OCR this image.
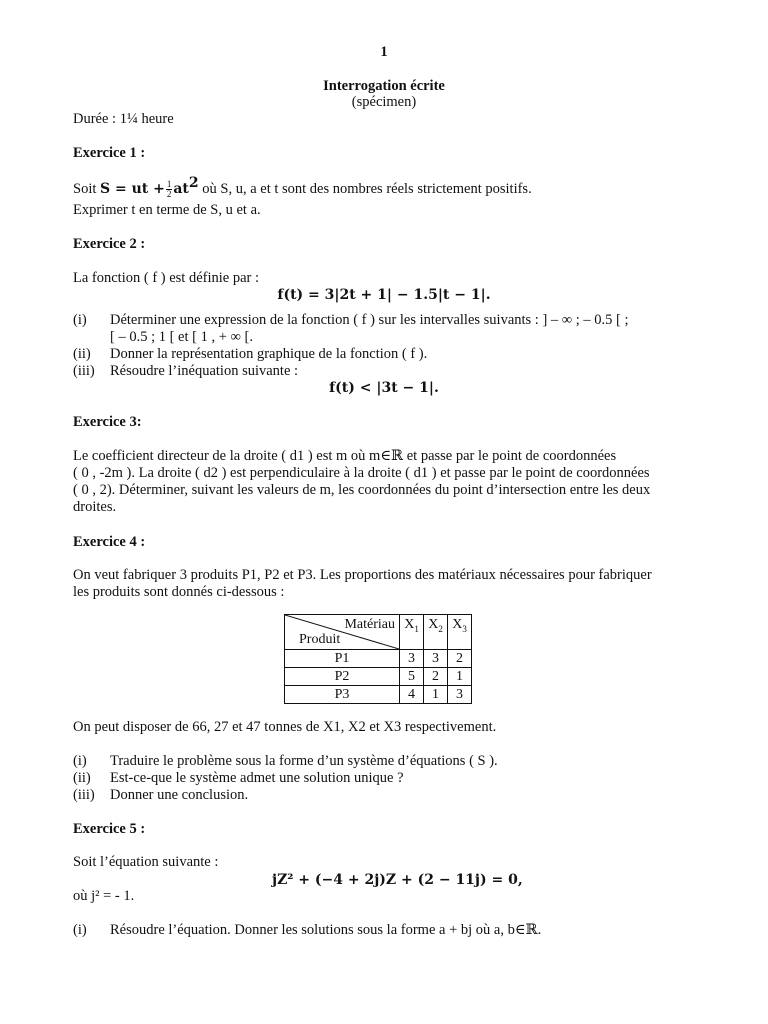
1
Interrogation écrite
(spécimen)
Durée : 1¼ heure
Exercice 1 :
Soit S = ut + $\frac{1}{2} at^2$ où S, u, a et t sont des nombres réels strictement positifs.
Exprimer t en terme de S, u et a.
Exercice 2 :
La fonction ( f ) est définie par :
f(t) = 3|2t + 1| − 1.5|t − 1|.
(i) Déterminer une expression de la fonction ( f ) sur les intervalles suivants : ] – ∞ ; – 0.5 [ ;
[ – 0.5 ; 1 [ et [ 1 , + ∞ [.
(ii) Donner la représentation graphique de la fonction ( f ).
(iii) Résoudre l’inéquation suivante :
f(t) < |3t − 1|.
Exercice 3:
Le coefficient directeur de la droite ( d1 ) est m où m∈ℝ et passe par le point de coordonnées
( 0 , -2m ). La droite ( d2 ) est perpendiculaire à la droite ( d1 ) et passe par le point de coordonnées
( 0 , 2). Déterminer, suivant les valeurs de m, les coordonnées du point d’intersection entre les deux
droites.
Exercice 4 :
On veut fabriquer 3 produits P1, P2 et P3. Les proportions des matériaux nécessaires pour fabriquer
les produits sont donnés ci-dessous :
Matériau
Produit	$X_1$	$X_2$	$X_3$
P1	3	3	2
P2	5	2	1
P3	4	1	3
On peut disposer de 66, 27 et 47 tonnes de X1, X2 et X3 respectivement.
(i) Traduire le problème sous la forme d’un système d’équations ( S ).
(ii) Est-ce-que le système admet une solution unique ?
(iii) Donner une conclusion.
Exercice 5 :
Soit l’équation suivante :
jZ² + (−4 + 2j)Z + (2 − 11j) = 0,
où j² = - 1.
(i) Résoudre l’équation. Donner les solutions sous la forme a + bj où a, b∈ℝ.
